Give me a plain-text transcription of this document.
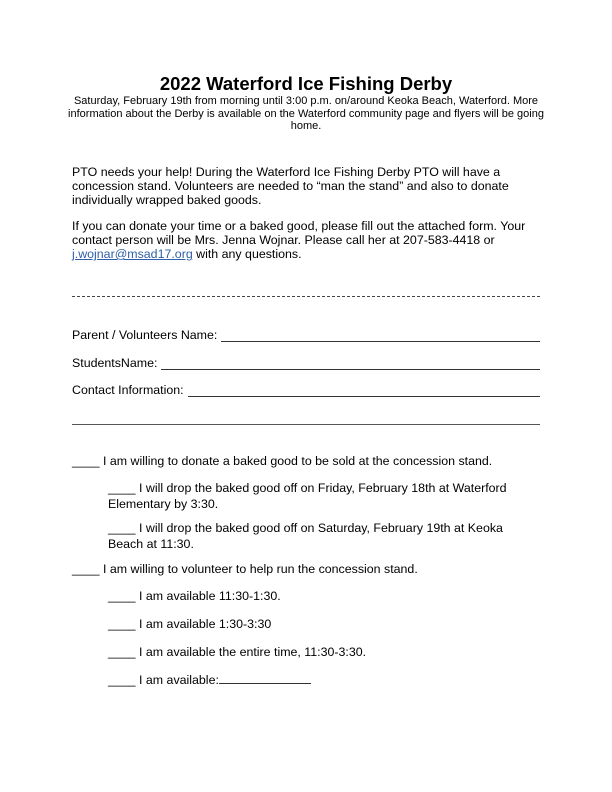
2022 Waterford Ice Fishing Derby
Saturday, February 19th from morning until 3:00 p.m. on/around Keoka Beach, Waterford. More information about the Derby is available on the Waterford community page and flyers will be going home.
PTO needs your help! During the Waterford Ice Fishing Derby PTO will have a concession stand. Volunteers are needed to “man the stand” and also to donate individually wrapped baked goods.
If you can donate your time or a baked good, please fill out the attached form. Your contact person will be Mrs. Jenna Wojnar. Please call her at 207-583-4418 or j.wojnar@msad17.org with any questions.
Parent / Volunteers Name:
StudentsName:
Contact Information:
____ I am willing to donate a baked good to be sold at the concession stand.
____ I will drop the baked good off on Friday, February 18th at Waterford Elementary by 3:30.
____ I will drop the baked good off on Saturday, February 19th at Keoka Beach at 11:30.
____ I am willing to volunteer to help run the concession stand.
____ I am available 11:30-1:30.
____ I am available 1:30-3:30
____ I am available the entire time, 11:30-3:30.
____ I am available:
